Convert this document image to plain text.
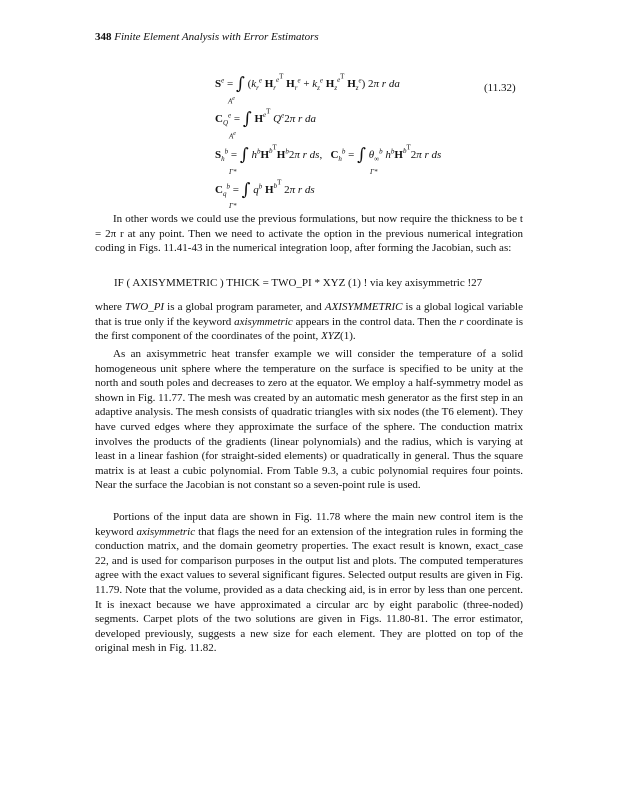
348 Finite Element Analysis with Error Estimators
$S^e$ = ∫ ($k_r^e$ $H_r^{e^T}$ $H_r^e + k_z^e$ $H_z^{e^T}$ $H_z^e$) 2π r da
$A^e$
(11.32)
$C_Q^e$ = ∫ $H^{e^T}$ $Q^e2\pi$ r da
$A^e$
$S_h^b$ = ∫ $h^bH^{b^T}H^b2\pi$ r ds,   $C_h^b$ = ∫ $\theta_\infty^b$ $h^bH^{b^T}2\pi$ r ds
Γ*	Γ*
$C_q^b$ = ∫ $q^b$ $H^{b^T}$ 2π r ds
Γ*

In other words we could use the previous formulations, but now require the thickness to be t = 2π r at any point. Then we need to activate the option in the previous numerical integration coding in Figs. 11.41-43 in the numerical integration loop, after forming the Jacobian, such as:

IF ( AXISYMMETRIC ) THICK = TWO_PI * XYZ (1) ! via key axisymmetric !27

where TWO_PI is a global program parameter, and AXISYMMETRIC is a global logical variable that is true only if the keyword axisymmetric appears in the control data. Then the r coordinate is the first component of the coordinates of the point, XYZ(1).

As an axisymmetric heat transfer example we will consider the temperature of a solid homogeneous unit sphere where the temperature on the surface is specified to be unity at the north and south poles and decreases to zero at the equator. We employ a half-symmetry model as shown in Fig. 11.77. The mesh was created by an automatic mesh generator as the first step in an adaptive analysis. The mesh consists of quadratic triangles with six nodes (the T6 element). They have curved edges where they approximate the surface of the sphere. The conduction matrix involves the products of the gradients (linear polynomials) and the radius, which is varying at least in a linear fashion (for straight-sided elements) or quadratically in general. Thus the square matrix is at least a cubic polynomial. From Table 9.3, a cubic polynomial requires four points. Near the surface the Jacobian is not constant so a seven-point rule is used.

Portions of the input data are shown in Fig. 11.78 where the main new control item is the keyword axisymmetric that flags the need for an extension of the integration rules in forming the conduction matrix, and the domain geometry properties. The exact result is known, exact_case 22, and is used for comparison purposes in the output list and plots. The computed temperatures agree with the exact values to several significant figures. Selected output results are given in Fig. 11.79. Note that the volume, provided as a data checking aid, is in error by less than one percent. It is inexact because we have approximated a circular arc by eight parabolic (three-noded) segments. Carpet plots of the two solutions are given in Figs. 11.80-81. The error estimator, developed previously, suggests a new size for each element. They are plotted on top of the original mesh in Fig. 11.82.
